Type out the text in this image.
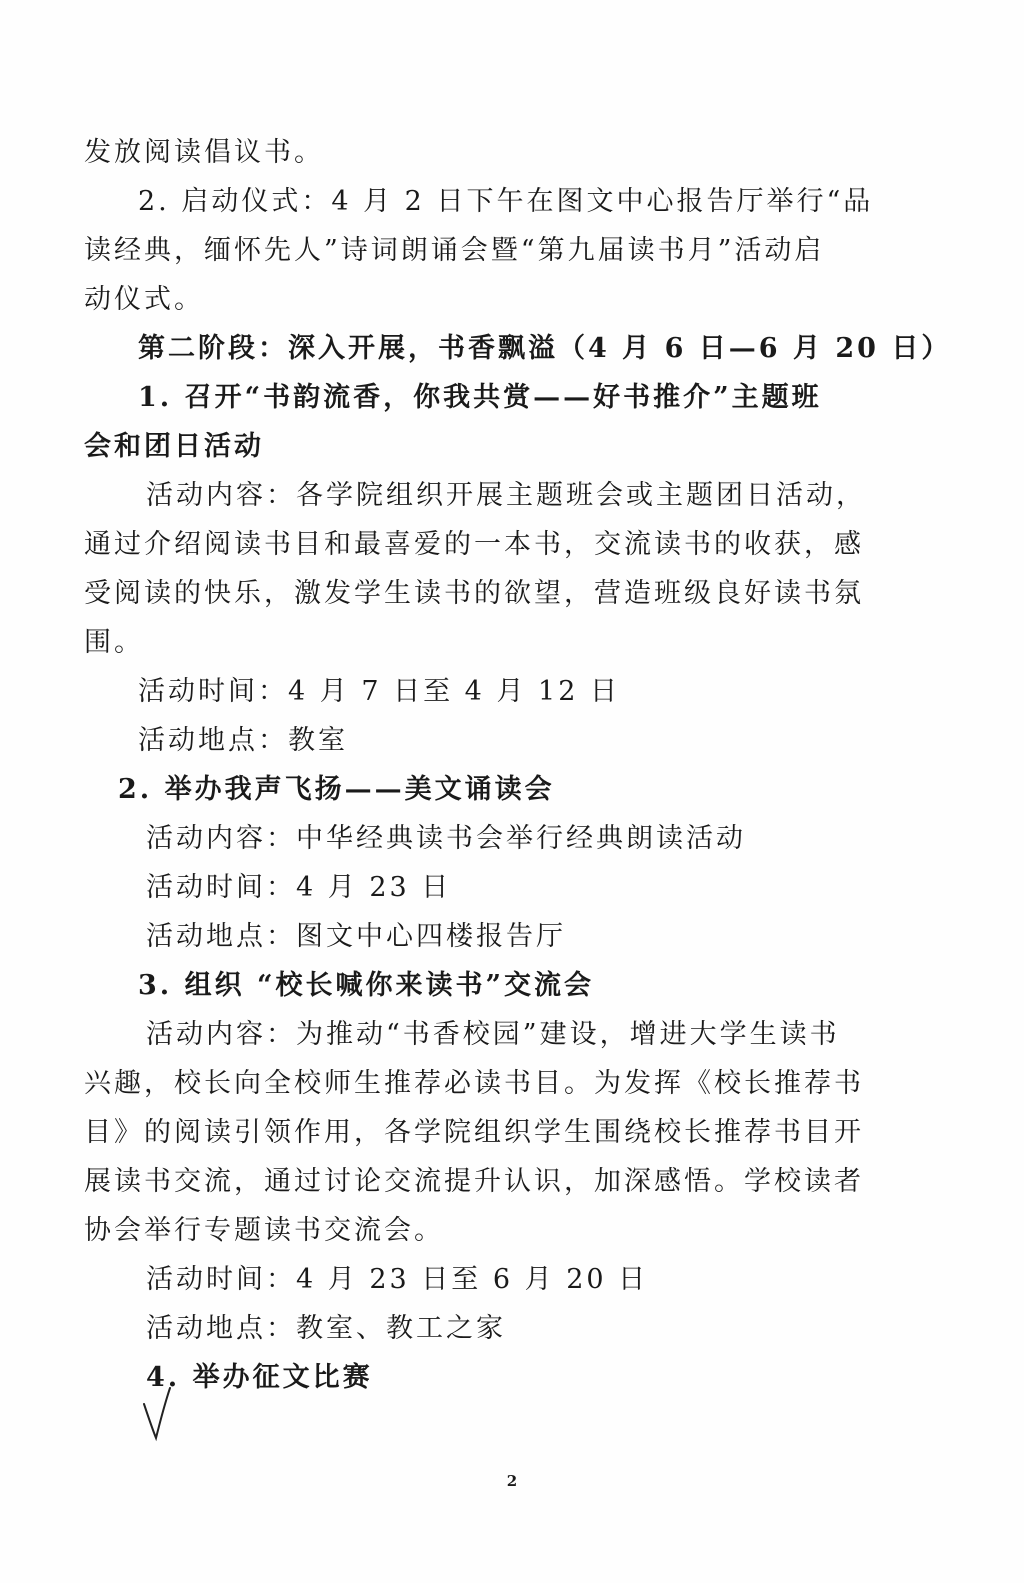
发放阅读倡议书。
2. 启动仪式：4 月 2 日下午在图文中心报告厅举行“品
读经典，缅怀先人”诗词朗诵会暨“第九届读书月”活动启
动仪式。
第二阶段：深入开展，书香飘溢（4 月 6 日—6 月 20 日）
1. 召开“书韵流香，你我共赏——好书推介”主题班
会和团日活动
活动内容：各学院组织开展主题班会或主题团日活动，
通过介绍阅读书目和最喜爱的一本书，交流读书的收获，感
受阅读的快乐，激发学生读书的欲望，营造班级良好读书氛
围。
活动时间：4 月 7 日至 4 月 12 日
活动地点：教室
2. 举办我声飞扬——美文诵读会
活动内容：中华经典读书会举行经典朗读活动
活动时间：4 月 23 日
活动地点：图文中心四楼报告厅
3. 组织 “校长喊你来读书”交流会
活动内容：为推动“书香校园”建设，增进大学生读书
兴趣，校长向全校师生推荐必读书目。为发挥《校长推荐书
目》的阅读引领作用，各学院组织学生围绕校长推荐书目开
展读书交流，通过讨论交流提升认识，加深感悟。学校读者
协会举行专题读书交流会。
活动时间：4 月 23 日至 6 月 20 日
活动地点：教室、教工之家
4. 举办征文比赛
2
